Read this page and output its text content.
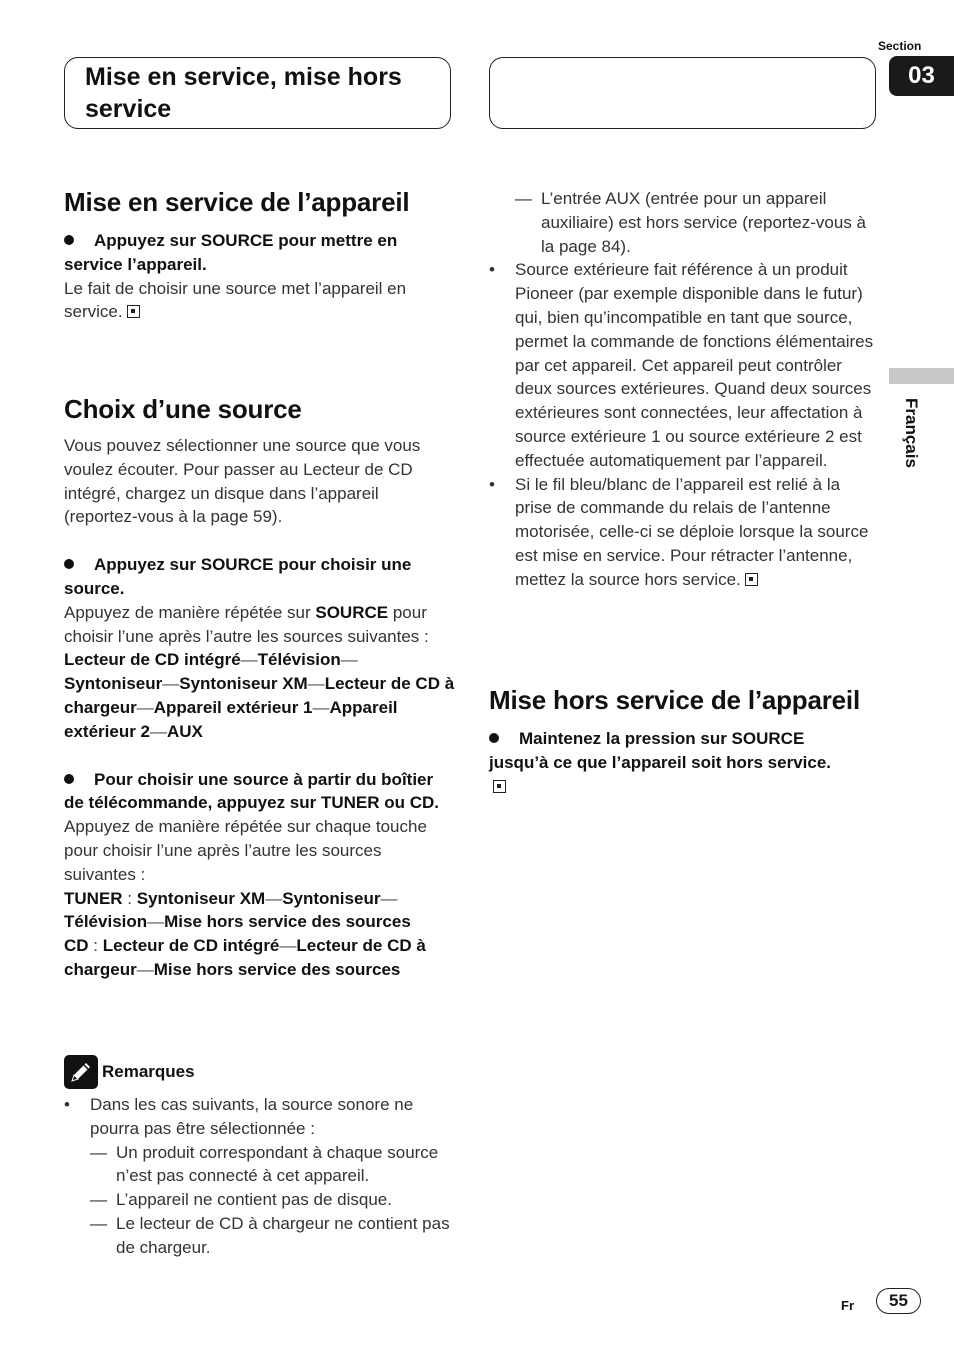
Mise en service, mise hors service
Section
03
Français
Mise en service de l’appareil

Appuyez sur SOURCE pour mettre en service l’appareil.

Le fait de choisir une source met l’appareil en service.

Choix d’une source

Vous pouvez sélectionner une source que vous voulez écouter. Pour passer au Lecteur de CD intégré, chargez un disque dans l’appareil (reportez-vous à la page 59).

Appuyez sur SOURCE pour choisir une source.

Appuyez de manière répétée sur SOURCE pour choisir l’une après l’autre les sources suivantes :

Lecteur de CD intégré—Télévision—Syntoniseur—Syntoniseur XM—Lecteur de CD à chargeur—Appareil extérieur 1—Appareil extérieur 2—AUX

Pour choisir une source à partir du boîtier de télécommande, appuyez sur TUNER ou CD.

Appuyez de manière répétée sur chaque touche pour choisir l’une après l’autre les sources suivantes :

TUNER : Syntoniseur XM—Syntoniseur—Télévision—Mise hors service des sources
CD : Lecteur de CD intégré—Lecteur de CD à chargeur—Mise hors service des sources

Remarques
• Dans les cas suivants, la source sonore ne pourra pas être sélectionnée :
— Un produit correspondant à chaque source n’est pas connecté à cet appareil.
— L’appareil ne contient pas de disque.
— Le lecteur de CD à chargeur ne contient pas de chargeur.
— L’entrée AUX (entrée pour un appareil auxiliaire) est hors service (reportez-vous à la page 84).
• Source extérieure fait référence à un produit Pioneer (par exemple disponible dans le futur) qui, bien qu’incompatible en tant que source, permet la commande de fonctions élémentaires par cet appareil. Cet appareil peut contrôler deux sources extérieures. Quand deux sources extérieures sont connectées, leur affectation à source extérieure 1 ou source extérieure 2 est effectuée automatiquement par l’appareil.
• Si le fil bleu/blanc de l’appareil est relié à la prise de commande du relais de l’antenne motorisée, celle-ci se déploie lorsque la source est mise en service. Pour rétracter l’antenne, mettez la source hors service.
Mise hors service de l’appareil

Maintenez la pression sur SOURCE jusqu’à ce que l’appareil soit hors service.

Fr	55
